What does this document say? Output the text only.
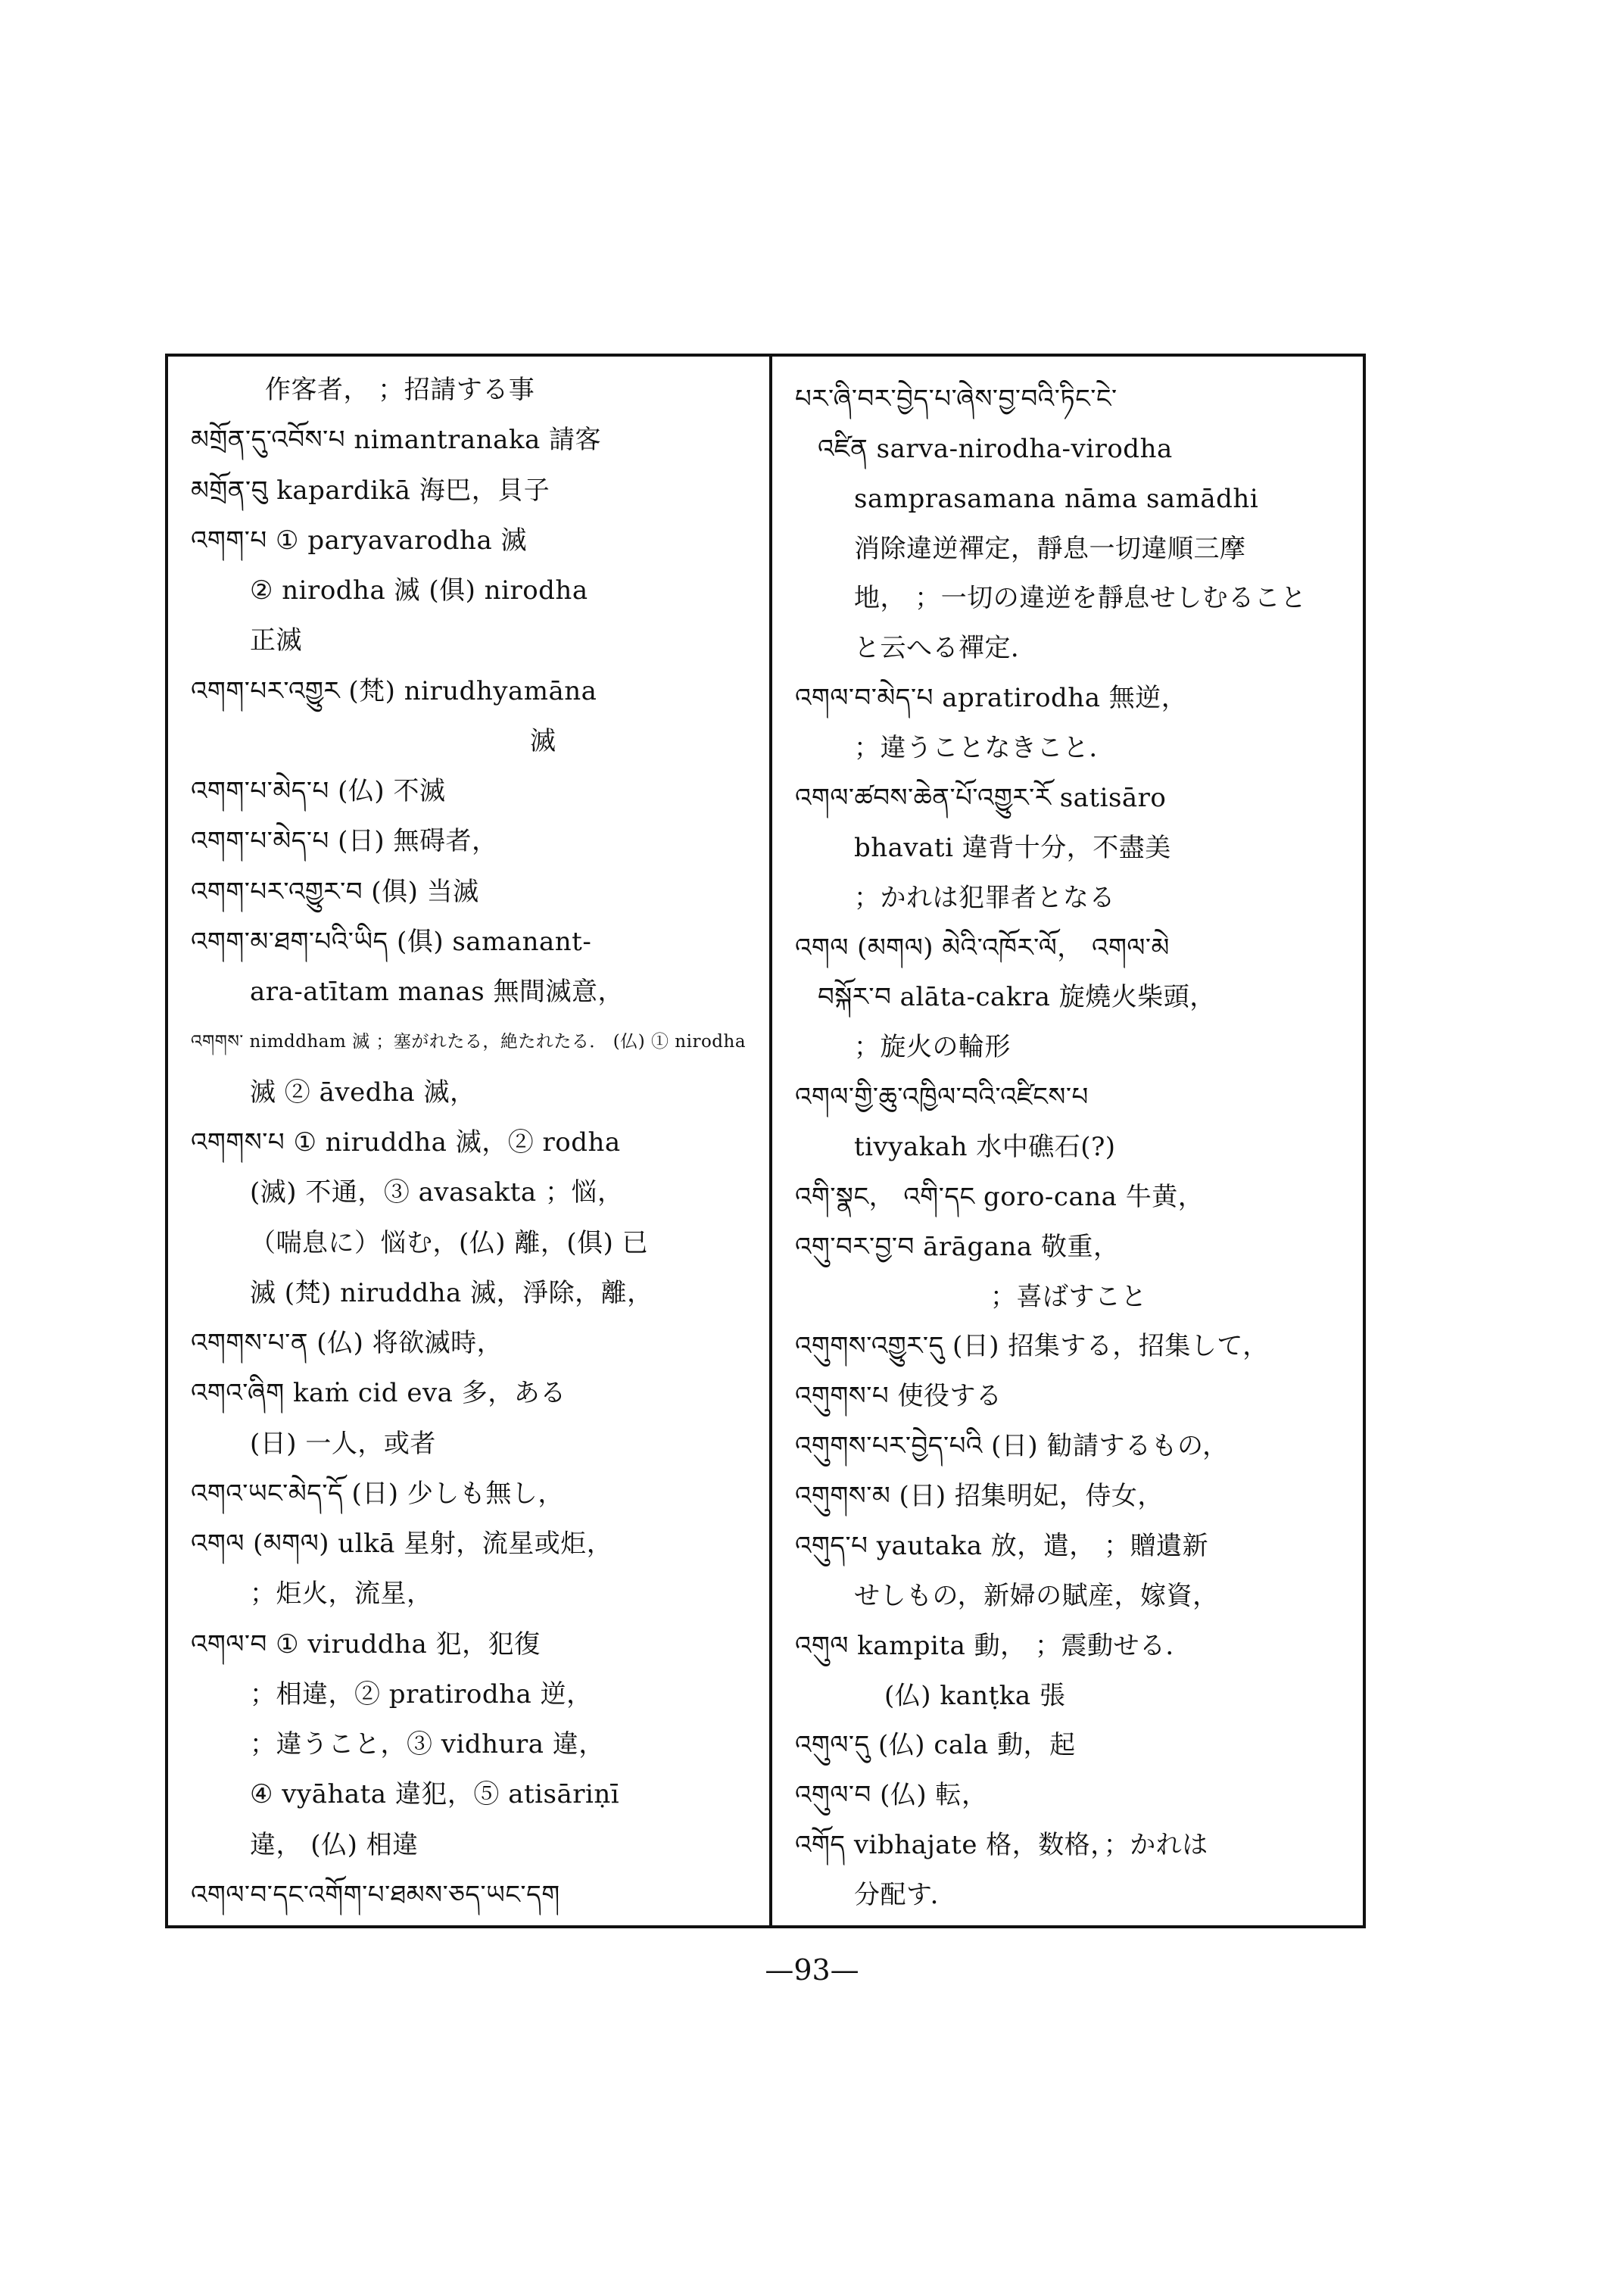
作客者， ；招請する事
མགྲོན་དུ་འབོས་པ nimantranaka 請客
མགྲོན་བུ kapardikā 海巴，貝子
འགག་པ ① paryavarodha 滅
② nirodha 滅 (俱) nirodha
正滅
འགག་པར་འགྱུར (梵) nirudhyamāna
滅
འགག་པ་མེད་པ (仏) 不滅
འགག་པ་མེད་པ (日) 無碍者，
འགག་པར་འགྱུར་བ (俱) 当滅
འགག་མ་ཐག་པའི་ཡིད (俱) samanant-
ara-atītam manas 無間滅意，
འགགས་ nimddham 滅 ；塞がれたる，絶たれたる． (仏) ① nirodha
滅 ② āvedha 滅，
འགགས་པ ① niruddha 滅，② rodha
(滅) 不通，③ avasakta ；悩，
（喘息に）悩む，(仏) 離，(俱) 已
滅 (梵) niruddha 滅，淨除，離，
འགགས་པ་ན (仏) 将欲滅時，
འགའ་ཞིག kaṁ cid eva 多，ある
(日) 一人，或者
འགའ་ཡང་མེད་དོ (日) 少しも無し，
འགལ (མགལ) ulkā 星射，流星或炬，
；炬火，流星，
འགལ་བ ① viruddha 犯，犯復
；相違，② pratirodha 逆，
；違うこと，③ vidhura 違，
④ vyāhata 違犯，⑤ atisāriṇī
違， (仏) 相違
འགལ་བ་དང་འགོག་པ་ཐམས་ཅད་ཡང་དག
པར་ཞི་བར་བྱེད་པ་ཞེས་བྱ་བའི་ཏིང་ངེ་
འཛིན sarva-nirodha-virodha
samprasamana nāma samādhi
消除違逆禪定，靜息一切違順三摩
地， ；一切の違逆を靜息せしむること
と云へる禪定．
འགལ་བ་མེད་པ apratirodha 無逆，
；違うことなきこと．
འགལ་ཚབས་ཆེན་པོ་འགྱུར་རོ satisāro
bhavati 違背十分，不盡美
；かれは犯罪者となる
འགལ (མགལ) མེའི་འཁོར་ལོ， འགལ་མེ
བསྐོར་བ alāta-cakra 旋燒火柴頭，
；旋火の輪形
འགལ་གྱི་ཆུ་འཁྱིལ་བའི་འཛིངས་པ
tivyakah 水中礁石(?)
འགི་སྣང， འགི་དང goro-cana 牛黄，
འགུ་བར་བྱ་བ ārāgana 敬重，
；喜ばすこと
འགུགས་འགྱུར་དུ (日) 招集する，招集して，
འགུགས་པ 使役する
འགུགས་པར་བྱེད་པའི (日) 勧請するもの，
འགུགས་མ (日) 招集明妃，侍女，
འགུད་པ yautaka 放，遣， ；贈遺新
せしもの，新婦の賦産，嫁資，
འགུལ kampita 動， ；震動せる．
(仏) kanṭka 張
འགུལ་དུ (仏) cala 動，起
འགུལ་བ (仏) 転，
འགོད vibhajate 格，数格，；かれは
分配す．
—93—
